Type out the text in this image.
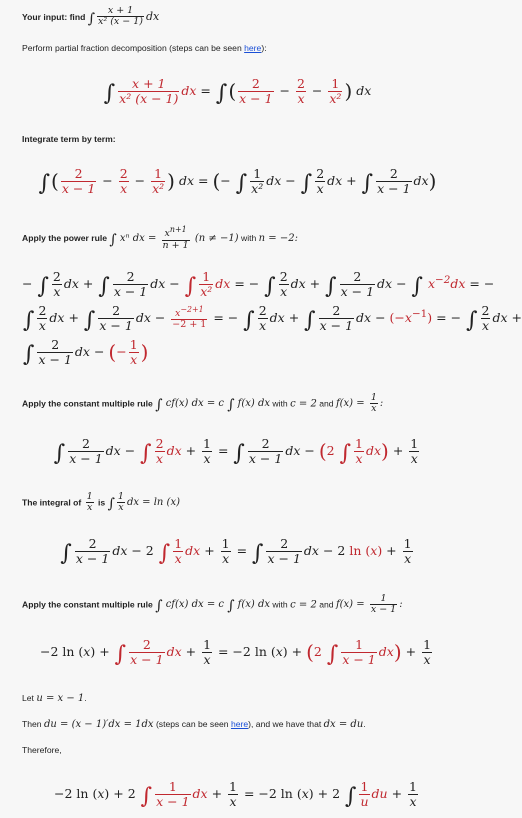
Your input: find ∫ $\frac{x + 1}{\text{x² (x − 1)}}$ dx
Perform partial fraction decomposition (steps can be seen here):
∫ $\frac{x + 1}{\text{x² (x − 1)}}$ dx = ∫( $\frac{2}{x - 1} - \frac{2}{x} - \frac{1}{\text{x²}}$ ) dx
Integrate term by term:
∫( $\frac{2}{x - 1} - \frac{2}{x} - \frac{1}{\text{x²}}$ ) dx = (− ∫ $\frac{1}{\text{x²}}$ dx − ∫ $\frac{2}{x}$ dx + ∫ $\frac{2}{x - 1} dx$)
Apply the power rule ∫ xⁿ dx = $\frac{x^{n+1}}{n + 1} (n \ne -1)$ with n = −2:
− ∫ $\frac{2}{x}$ dx + ∫ $\frac{2}{x - 1}$ dx − ∫ $\frac{1}{\text{x²}}$ dx = − ∫ $\frac{2}{x}$ dx + ∫ $\frac{2}{x - 1}$ dx − ∫ $x^{-2}dx$ = −
∫ $\frac{2}{x}$ dx + ∫ $\frac{2}{x - 1}$ dx − $\frac{x^{-2+1}}{-2 + 1}$ = − ∫ $\frac{2}{x}$ dx + ∫ $\frac{2}{x - 1}$ dx − $(-x^{-1})$ = − ∫ $\frac{2}{x}$ dx +
∫ $\frac{2}{x - 1}$ dx − (− $\frac{1}{x}$ )
Apply the constant multiple rule ∫ cf(x) dx = c ∫ f(x) dx with c = 2 and $f(x) = \frac{1}{x}$ :
∫ $\frac{2}{x - 1}$ dx − ∫ $\frac{2}{x}$ dx + $\frac{1}{x}$ = ∫ $\frac{2}{x - 1}$ dx − (2 ∫ $\frac{1}{x} dx) + \frac{1}{x}$
The integral of $\frac{1}{x}$ is ∫ $\frac{1}{x}$ dx = ln (x)
∫ $\frac{2}{x - 1}$ dx − 2 ∫ $\frac{1}{x}$ dx + $\frac{1}{x}$ = ∫ $\frac{2}{x - 1}$ dx − 2 $\ln (x) + \frac{1}{x}$
Apply the constant multiple rule ∫ cf(x) dx = c ∫ f(x) dx with c = 2 and $f(x) = \frac{1}{x - 1}$ :
−2 ln (x) + ∫ $\frac{2}{x - 1}$ dx + $\frac{1}{x} = -2$ ln (x) + (2 ∫ $\frac{1}{x - 1} dx) + \frac{1}{x}$
Let u = x − 1.
Then du = (x − 1)′dx = 1dx (steps can be seen here), and we have that dx = du.
Therefore,
−2 ln (x) + 2 ∫ $\frac{1}{x - 1}$ dx + $\frac{1}{x} = -2$ ln (x) + 2 ∫ $\frac{1}{u}$ du + $\frac{1}{x}$
